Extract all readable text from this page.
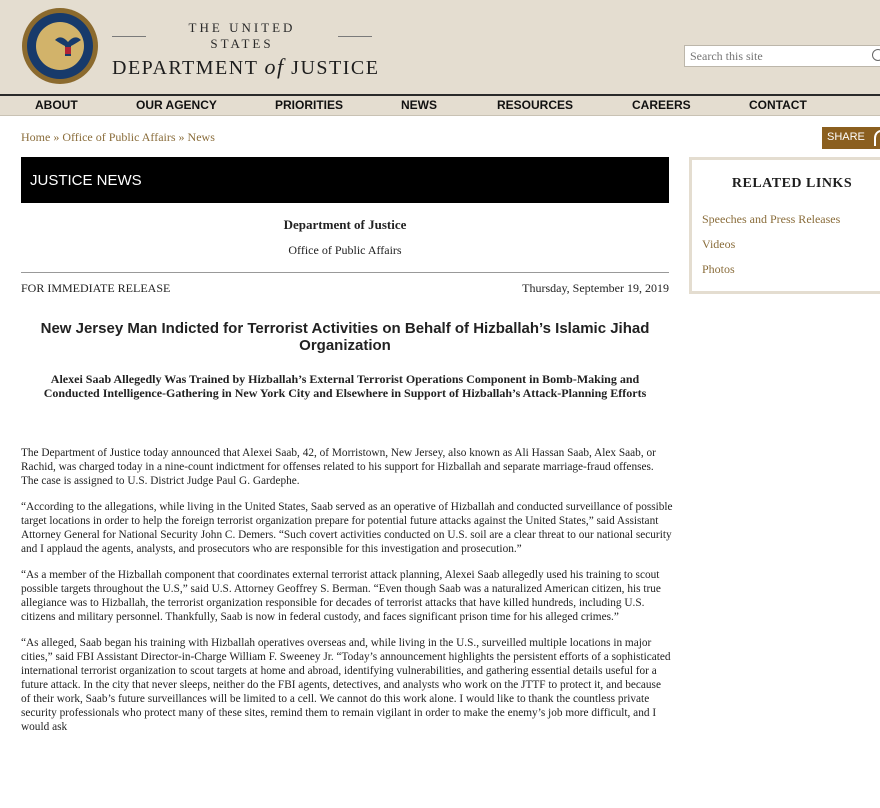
THE UNITED STATES
DEPARTMENT of JUSTICE
Search this site
ABOUT	OUR AGENCY	PRIORITIES	NEWS	RESOURCES	CAREERS	CONTACT
Home » Office of Public Affairs » News	SHARE
JUSTICE NEWS
Department of Justice
Office of Public Affairs
FOR IMMEDIATE RELEASE	Thursday, September 19, 2019
New Jersey Man Indicted for Terrorist Activities on Behalf of Hizballah’s Islamic Jihad Organization
Alexei Saab Allegedly Was Trained by Hizballah’s External Terrorist Operations Component in Bomb-Making and Conducted Intelligence-Gathering in New York City and Elsewhere in Support of Hizballah’s Attack-Planning Efforts

The Department of Justice today announced that Alexei Saab, 42, of Morristown, New Jersey, also known as Ali Hassan Saab, Alex Saab, or Rachid, was charged today in a nine-count indictment for offenses related to his support for Hizballah and separate marriage-fraud offenses. The case is assigned to U.S. District Judge Paul G. Gardephe.

“According to the allegations, while living in the United States, Saab served as an operative of Hizballah and conducted surveillance of possible target locations in order to help the foreign terrorist organization prepare for potential future attacks against the United States,” said Assistant Attorney General for National Security John C. Demers. “Such covert activities conducted on U.S. soil are a clear threat to our national security and I applaud the agents, analysts, and prosecutors who are responsible for this investigation and prosecution.”

“As a member of the Hizballah component that coordinates external terrorist attack planning, Alexei Saab allegedly used his training to scout possible targets throughout the U.S,” said U.S. Attorney Geoffrey S. Berman. “Even though Saab was a naturalized American citizen, his true allegiance was to Hizballah, the terrorist organization responsible for decades of terrorist attacks that have killed hundreds, including U.S. citizens and military personnel. Thankfully, Saab is now in federal custody, and faces significant prison time for his alleged crimes.”

“As alleged, Saab began his training with Hizballah operatives overseas and, while living in the U.S., surveilled multiple locations in major cities,” said FBI Assistant Director-in-Charge William F. Sweeney Jr. “Today’s announcement highlights the persistent efforts of a sophisticated international terrorist organization to scout targets at home and abroad, identifying vulnerabilities, and gathering essential details useful for a future attack. In the city that never sleeps, neither do the FBI agents, detectives, and analysts who work on the JTTF to protect it, and because of their work, Saab’s future surveillances will be limited to a cell. We cannot do this work alone. I would like to thank the countless private security professionals who protect many of these sites, remind them to remain vigilant in order to make the enemy’s job more difficult, and I would ask

RELATED LINKS
Speeches and Press Releases
Videos
Photos
